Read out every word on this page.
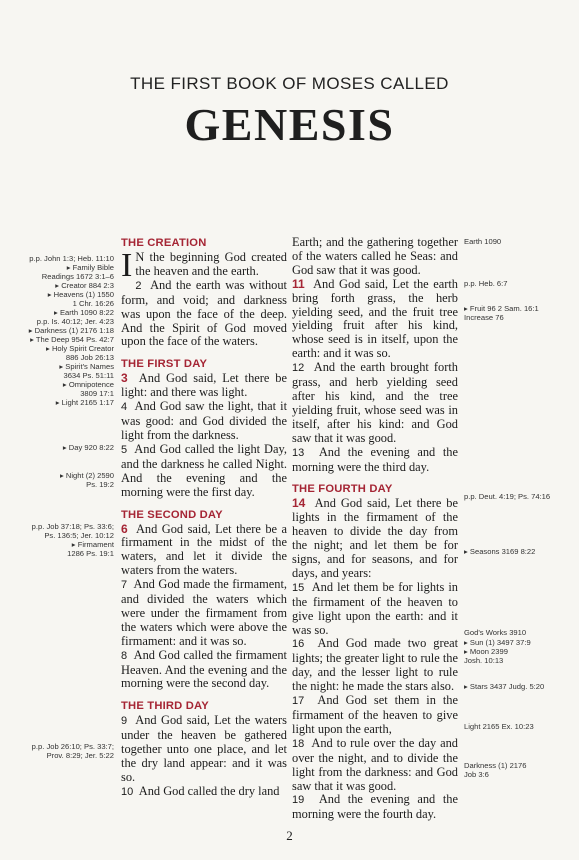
THE FIRST BOOK OF MOSES CALLED
GENESIS
p.p. John 1:3; Heb. 11:10
▸ Family Bible
Readings 1672 3:1–6
▸ Creator 884 2:3
▸ Heavens (1) 1550
1 Chr. 16:26
▸ Earth 1090 8:22
p.p. Is. 40:12; Jer. 4:23
▸ Darkness (1) 2176 1:18
▸ The Deep 954 Ps. 42:7
▸ Holy Spirit Creator
886 Job 26:13
▸ Spirit's Names
3634 Ps. 51:11
▸ Omnipotence
3809 17:1
▸ Light 2165 1:17
▸ Day 920 8:22
▸ Night (2) 2590
Ps. 19:2
p.p. Job 37:18; Ps. 33:6;
Ps. 136:5; Jer. 10:12
▸ Firmament
1286 Ps. 19:1
p.p. Job 26:10; Ps. 33:7;
Prov. 8:29; Jer. 5:22
THE CREATION

I N the beginning God created the heaven and the earth.

2 And the earth was without form, and void; and darkness was upon the face of the deep. And the Spirit of God moved upon the face of the waters.

THE FIRST DAY

3 And God said, Let there be light: and there was light.

4 And God saw the light, that it was good: and God divided the light from the darkness.

5 And God called the light Day, and the darkness he called Night. And the evening and the morning were the first day.

THE SECOND DAY

6 And God said, Let there be a firmament in the midst of the waters, and let it divide the waters from the waters.

7 And God made the firmament, and divided the waters which were under the firmament from the waters which were above the firmament: and it was so.

8 And God called the firmament Heaven. And the evening and the morning were the second day.

THE THIRD DAY

9 And God said, Let the waters under the heaven be gathered together unto one place, and let the dry land appear: and it was so.

10 And God called the dry land

Earth; and the gathering together of the waters called he Seas: and God saw that it was good.

11 And God said, Let the earth bring forth grass, the herb yielding seed, and the fruit tree yielding fruit after his kind, whose seed is in itself, upon the earth: and it was so.

12 And the earth brought forth grass, and herb yielding seed after his kind, and the tree yielding fruit, whose seed was in itself, after his kind: and God saw that it was good.

13 And the evening and the morning were the third day.

THE FOURTH DAY

14 And God said, Let there be lights in the firmament of the heaven to divide the day from the night; and let them be for signs, and for seasons, and for days, and years:

15 And let them be for lights in the firmament of the heaven to give light upon the earth: and it was so.

16 And God made two great lights; the greater light to rule the day, and the lesser light to rule the night: he made the stars also.

17 And God set them in the firmament of the heaven to give light upon the earth,

18 And to rule over the day and over the night, and to divide the light from the darkness: and God saw that it was good.

19 And the evening and the morning were the fourth day.

Earth 1090
p.p. Heb. 6:7
▸ Fruit 96 2 Sam. 16:1
Increase 76
p.p. Deut. 4:19; Ps. 74:16
▸ Seasons 3169 8:22
God's Works 3910
▸ Sun (1) 3497 37:9
▸ Moon 2399
Josh. 10:13
▸ Stars 3437 Judg. 5:20
Light 2165 Ex. 10:23
Darkness (1) 2176
Job 3:6
2
